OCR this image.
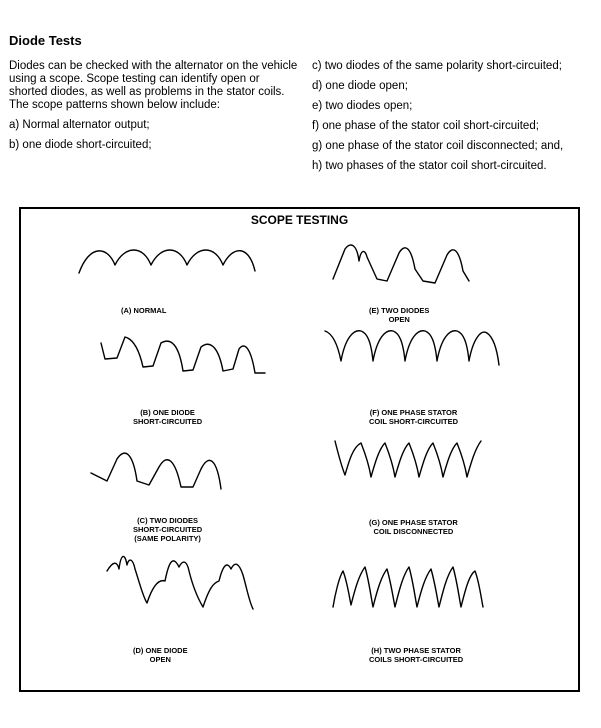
Diode Tests

Diodes can be checked with the alternator on the vehicle using a scope. Scope testing can identify open or shorted diodes, as well as problems in the stator coils.

The scope patterns shown below include:

a) Normal alternator output;

b) one diode short-circuited;

c) two diodes of the same polarity short-circuited;

d) one diode open;

e) two diodes open;

f) one phase of the stator coil short-circuited;

g) one phase of the stator coil disconnected; and,

h) two phases of the stator coil short-circuited.

SCOPE TESTING
(A) NORMAL
(B) ONE DIODE
SHORT-CIRCUITED
(C) TWO DIODES
SHORT-CIRCUITED
(SAME POLARITY)
(D) ONE DIODE
OPEN
(E) TWO DIODES
OPEN
(F) ONE PHASE STATOR
COIL SHORT-CIRCUITED
(G) ONE PHASE STATOR
COIL DISCONNECTED
(H) TWO PHASE STATOR
COILS SHORT-CIRCUITED
